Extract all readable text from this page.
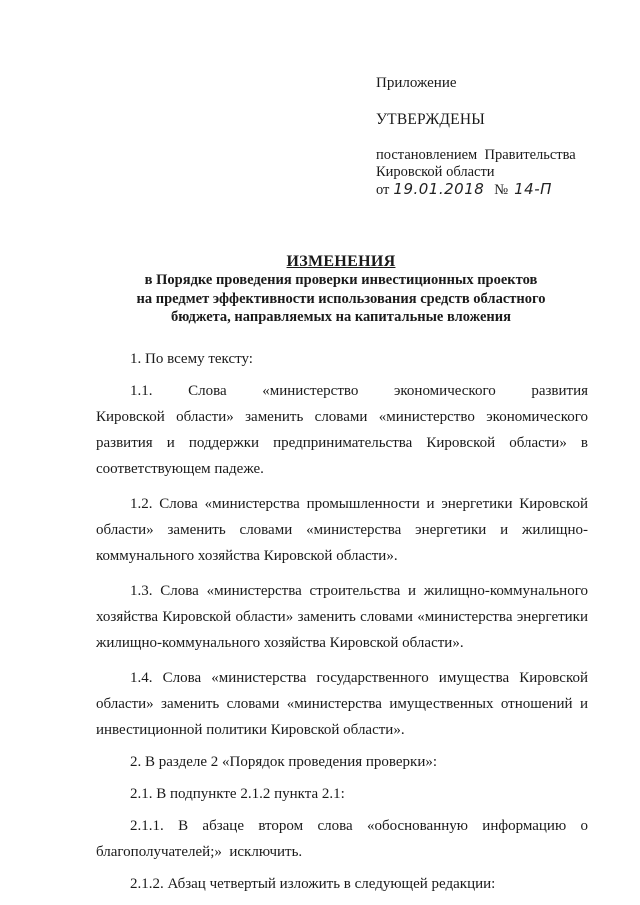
Приложение
УТВЕРЖДЕНЫ
постановлением  Правительства
Кировской области
от 19.01.2018 № 14-П
ИЗМЕНЕНИЯ
в Порядке проведения проверки инвестиционных проектов
на предмет эффективности использования средств областного
бюджета, направляемых на капитальные вложения
1. По всему тексту:
1.1. Слова «министерство экономического развития
Кировской области» заменить словами «министерство экономического
развития и поддержки предпринимательства Кировской области» в
соответствующем падеже.
1.2. Слова «министерства промышленности и энергетики Кировской
области» заменить словами «министерства энергетики и жилищно-
коммунального хозяйства Кировской области».
1.3. Слова «министерства строительства и жилищно-коммунального
хозяйства Кировской области» заменить словами «министерства энергетики
жилищно-коммунального хозяйства Кировской области».
1.4. Слова «министерства государственного имущества Кировской
области» заменить словами «министерства имущественных отношений и
инвестиционной политики Кировской области».
2. В разделе 2 «Порядок проведения проверки»:
2.1. В подпункте 2.1.2 пункта 2.1:
2.1.1. В абзаце втором слова «обоснованную информацию о
благополучателей;»  исключить.
2.1.2. Абзац четвертый изложить в следующей редакции:
